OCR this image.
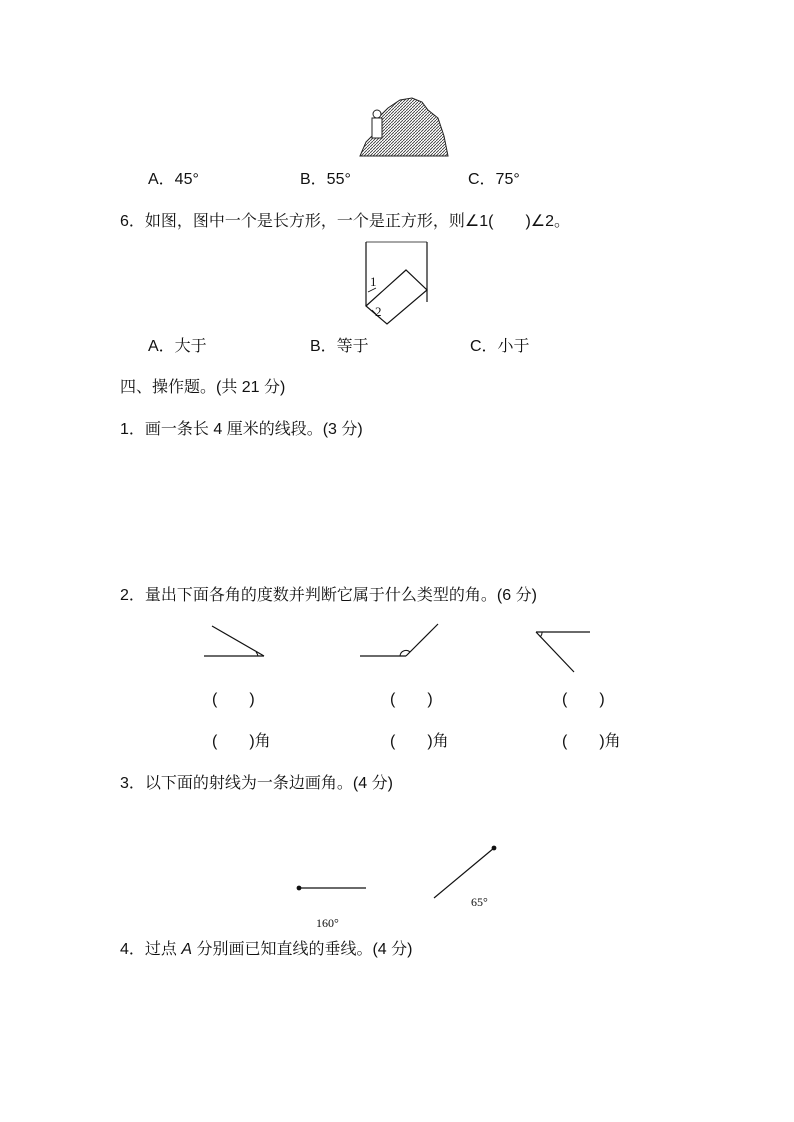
A．45°	B．55°	C．75°
6．如图，图中一个是长方形，一个是正方形，则∠1(　　)∠2。
1
2
A．大于	B．等于	C．小于
四、操作题。(共 21 分)
1．画一条长 4 厘米的线段。(3 分)
2．量出下面各角的度数并判断它属于什么类型的角。(6 分)
(　　)	(　　)	(　　)
(　　)角	(　　)角	(　　)角
3．以下面的射线为一条边画角。(4 分)
160°
65°
4．过点 A 分别画已知直线的垂线。(4 分)
